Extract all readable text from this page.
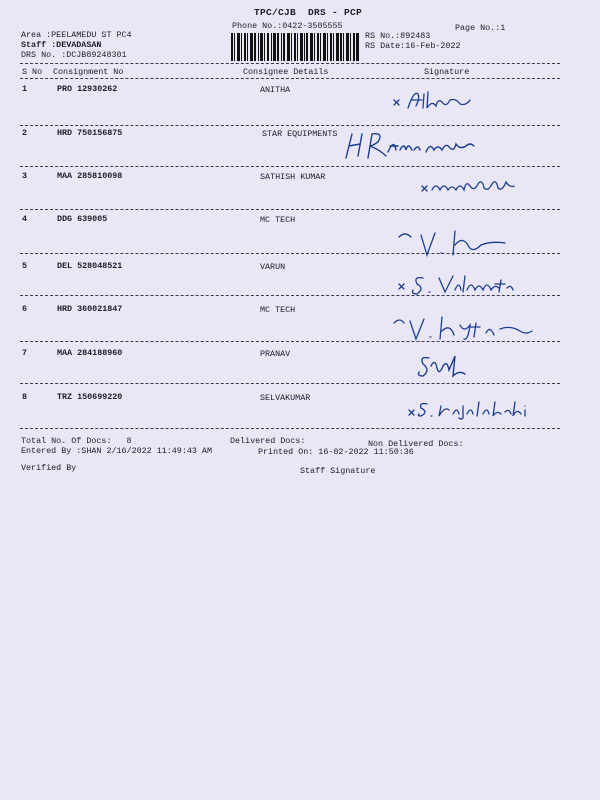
TPC/CJB  DRS - PCP
Phone No.:0422-3505555	Page No.:1
Area :PEELAMEDU ST PC4
Staff :DEVADASAN
DRS No. :DCJB89248301
RS No.:892483
RS Date:16-Feb-2022
S No Consignment No	Consignee Details	Signature
1	PRO 12930262	ANITHA
2	HRD 750156875	STAR EQUIPMENTS
3	MAA 285810098	SATHISH KUMAR
4	DDG 639005	MC TECH
5	DEL 528048521	VARUN
6	HRD 360021847	MC TECH
7	MAA 284188960	PRANAV
8	TRZ 150699220	SELVAKUMAR
Total No. Of Docs:   8	Delivered Docs:	Non Delivered Docs:
Entered By :SHAN 2/16/2022 11:49:43 AM	Printed On: 16-02-2022 11:50:36
Verified By	Staff Signature
